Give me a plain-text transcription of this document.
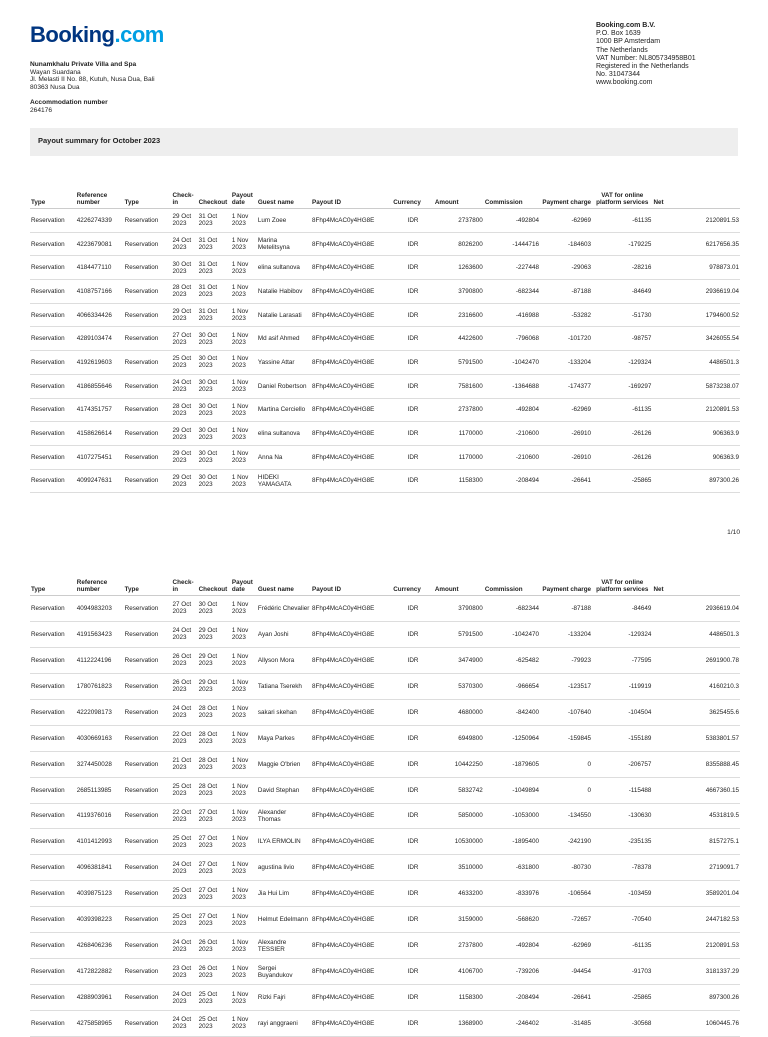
Booking.com	Booking.com B.V.
P.O. Box 1639
1000 BP Amsterdam
The Netherlands
VAT Number: NL805734958B01
Registered in the Netherlands
No. 31047344
www.booking.com
Nunamkhalu Private Villa and Spa
Wayan Suardana
Jl. Melasti II No. 88, Kutuh, Nusa Dua, Bali
80363 Nusa Dua
Accommodation number
264176
Payout summary for October 2023
Type	Reference number	Type	Check-in	Checkout	Payout date	Guest name	Payout ID	Currency	Amount	Commission	Payment charge	VAT for online platform services	Net
Reservation	4226274339	Reservation	29 Oct 2023	31 Oct 2023	1 Nov 2023	Lum Zoee	8Fhp4McAC0y4HG8E	IDR	2737800	-492804	-62969	-61135	2120891.53
Reservation	4223679081	Reservation	24 Oct 2023	31 Oct 2023	1 Nov 2023	Marina Metelitsyna	8Fhp4McAC0y4HG8E	IDR	8026200	-1444716	-184603	-179225	6217656.35
Reservation	4184477110	Reservation	30 Oct 2023	31 Oct 2023	1 Nov 2023	elina sultanova	8Fhp4McAC0y4HG8E	IDR	1263600	-227448	-29063	-28216	978873.01
Reservation	4108757166	Reservation	28 Oct 2023	31 Oct 2023	1 Nov 2023	Natalie Habibov	8Fhp4McAC0y4HG8E	IDR	3790800	-682344	-87188	-84649	2936619.04
Reservation	4066334426	Reservation	29 Oct 2023	31 Oct 2023	1 Nov 2023	Natalie Larasati	8Fhp4McAC0y4HG8E	IDR	2316600	-416988	-53282	-51730	1794600.52
Reservation	4289103474	Reservation	27 Oct 2023	30 Oct 2023	1 Nov 2023	Md asif Ahmed	8Fhp4McAC0y4HG8E	IDR	4422600	-796068	-101720	-98757	3426055.54
Reservation	4192619603	Reservation	25 Oct 2023	30 Oct 2023	1 Nov 2023	Yassine Attar	8Fhp4McAC0y4HG8E	IDR	5791500	-1042470	-133204	-129324	4486501.3
Reservation	4186855646	Reservation	24 Oct 2023	30 Oct 2023	1 Nov 2023	Daniel Robertson	8Fhp4McAC0y4HG8E	IDR	7581600	-1364688	-174377	-169297	5873238.07
Reservation	4174351757	Reservation	28 Oct 2023	30 Oct 2023	1 Nov 2023	Martina Cerciello	8Fhp4McAC0y4HG8E	IDR	2737800	-492804	-62969	-61135	2120891.53
Reservation	4158626614	Reservation	29 Oct 2023	30 Oct 2023	1 Nov 2023	elina sultanova	8Fhp4McAC0y4HG8E	IDR	1170000	-210600	-26910	-26126	906363.9
Reservation	4107275451	Reservation	29 Oct 2023	30 Oct 2023	1 Nov 2023	Anna Na	8Fhp4McAC0y4HG8E	IDR	1170000	-210600	-26910	-26126	906363.9
Reservation	4099247631	Reservation	29 Oct 2023	30 Oct 2023	1 Nov 2023	HIDEKI YAMAGATA	8Fhp4McAC0y4HG8E	IDR	1158300	-208494	-26641	-25865	897300.26
1/10
Type	Reference number	Type	Check-in	Checkout	Payout date	Guest name	Payout ID	Currency	Amount	Commission	Payment charge	VAT for online platform services	Net
Reservation	4094983203	Reservation	27 Oct 2023	30 Oct 2023	1 Nov 2023	Frédéric Chevalier	8Fhp4McAC0y4HG8E	IDR	3790800	-682344	-87188	-84649	2936619.04
Reservation	4191563423	Reservation	24 Oct 2023	29 Oct 2023	1 Nov 2023	Ayan Joshi	8Fhp4McAC0y4HG8E	IDR	5791500	-1042470	-133204	-129324	4486501.3
Reservation	4112224196	Reservation	26 Oct 2023	29 Oct 2023	1 Nov 2023	Allyson Mora	8Fhp4McAC0y4HG8E	IDR	3474900	-625482	-79923	-77595	2691900.78
Reservation	1780761823	Reservation	26 Oct 2023	29 Oct 2023	1 Nov 2023	Tatiana Tserekh	8Fhp4McAC0y4HG8E	IDR	5370300	-966654	-123517	-119919	4160210.3
Reservation	4222098173	Reservation	24 Oct 2023	28 Oct 2023	1 Nov 2023	sakari skehan	8Fhp4McAC0y4HG8E	IDR	4680000	-842400	-107640	-104504	3625455.6
Reservation	4030669163	Reservation	22 Oct 2023	28 Oct 2023	1 Nov 2023	Maya Parkes	8Fhp4McAC0y4HG8E	IDR	6949800	-1250964	-159845	-155189	5383801.57
Reservation	3274450028	Reservation	21 Oct 2023	28 Oct 2023	1 Nov 2023	Maggie O'brien	8Fhp4McAC0y4HG8E	IDR	10442250	-1879605	0	-206757	8355888.45
Reservation	2685113985	Reservation	25 Oct 2023	28 Oct 2023	1 Nov 2023	David Stephan	8Fhp4McAC0y4HG8E	IDR	5832742	-1049894	0	-115488	4667360.15
Reservation	4119376016	Reservation	22 Oct 2023	27 Oct 2023	1 Nov 2023	Alexander Thomas	8Fhp4McAC0y4HG8E	IDR	5850000	-1053000	-134550	-130630	4531819.5
Reservation	4101412993	Reservation	25 Oct 2023	27 Oct 2023	1 Nov 2023	ILYA ERMOLIN	8Fhp4McAC0y4HG8E	IDR	10530000	-1895400	-242190	-235135	8157275.1
Reservation	4096381841	Reservation	24 Oct 2023	27 Oct 2023	1 Nov 2023	agustina livio	8Fhp4McAC0y4HG8E	IDR	3510000	-631800	-80730	-78378	2719091.7
Reservation	4039875123	Reservation	25 Oct 2023	27 Oct 2023	1 Nov 2023	Jia Hui Lim	8Fhp4McAC0y4HG8E	IDR	4633200	-833976	-106564	-103459	3589201.04
Reservation	4039398223	Reservation	25 Oct 2023	27 Oct 2023	1 Nov 2023	Helmut Edelmann	8Fhp4McAC0y4HG8E	IDR	3159000	-568620	-72657	-70540	2447182.53
Reservation	4268406236	Reservation	24 Oct 2023	26 Oct 2023	1 Nov 2023	Alexandre TESSIER	8Fhp4McAC0y4HG8E	IDR	2737800	-492804	-62969	-61135	2120891.53
Reservation	4172822882	Reservation	23 Oct 2023	26 Oct 2023	1 Nov 2023	Sergei Buyandukov	8Fhp4McAC0y4HG8E	IDR	4106700	-739206	-94454	-91703	3181337.29
Reservation	4288903961	Reservation	24 Oct 2023	25 Oct 2023	1 Nov 2023	Rizki Fajri	8Fhp4McAC0y4HG8E	IDR	1158300	-208494	-26641	-25865	897300.26
Reservation	4275858965	Reservation	24 Oct 2023	25 Oct 2023	1 Nov 2023	rayi anggraeni	8Fhp4McAC0y4HG8E	IDR	1368900	-246402	-31485	-30568	1060445.76
